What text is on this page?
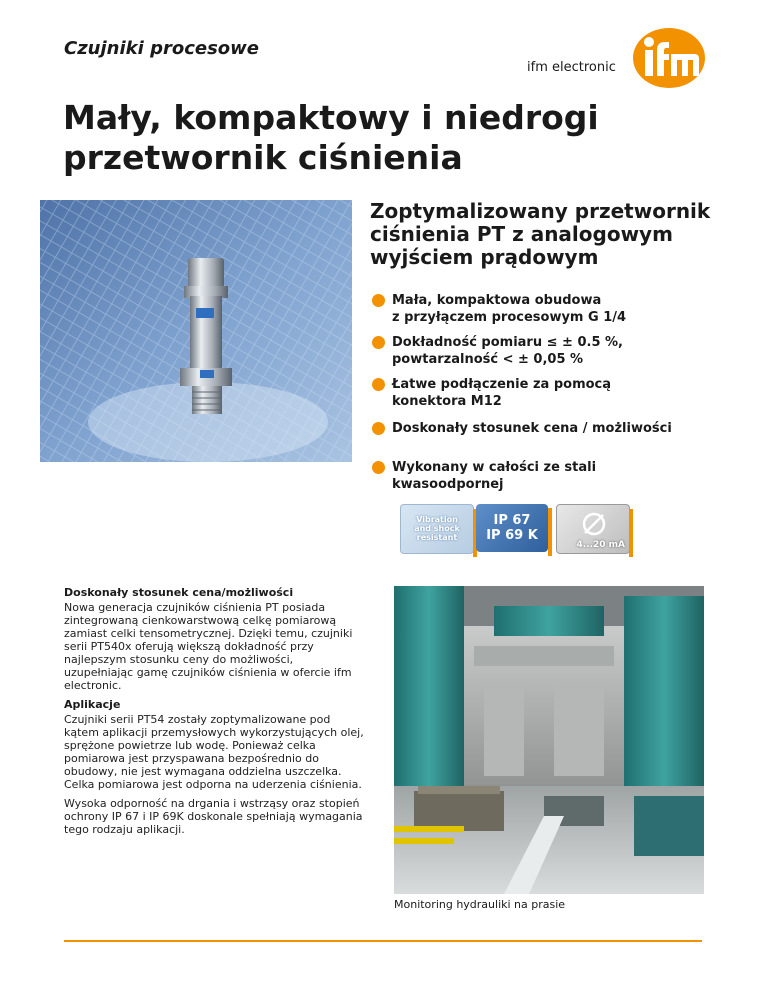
Czujniki procesowe
ifm electronic
Mały, kompaktowy i niedrogi
przetwornik ciśnienia
Zoptymalizowany przetwornik
ciśnienia PT z analogowym
wyjściem prądowym
Mała, kompaktowa obudowa
z przyłączem procesowym G 1/4
Dokładność pomiaru ≤ ± 0.5 %,
powtarzalność < ± 0,05 %
Łatwe podłączenie za pomocą
konektora M12
Doskonały stosunek cena / możliwości
Wykonany w całości ze stali
kwasoodpornej
Vibration
and shock
resistant
IP 67
IP 69 K
4...20 mA
Doskonały stosunek cena/możliwości

Nowa generacja czujników ciśnienia PT posiada zintegrowaną cienkowarstwową celkę pomiarową zamiast celki tensometrycznej. Dzięki temu, czujniki serii PT540x oferują większą dokładność przy najlepszym stosunku ceny do możliwości, uzupełniając gamę czujników ciśnienia w ofercie ifm electronic.

Aplikacje

Czujniki serii PT54 zostały zoptymalizowane pod kątem aplikacji przemysłowych wykorzystujących olej, sprężone powietrze lub wodę. Ponieważ celka pomiarowa jest przyspawana bezpośrednio do obudowy, nie jest wymagana oddzielna uszczelka. Celka pomiarowa jest odporna na uderzenia ciśnienia.

Wysoka odporność na drgania i wstrząsy oraz stopień ochrony IP 67 i IP 69K doskonale spełniają wymagania tego rodzaju aplikacji.

Monitoring hydrauliki na prasie
